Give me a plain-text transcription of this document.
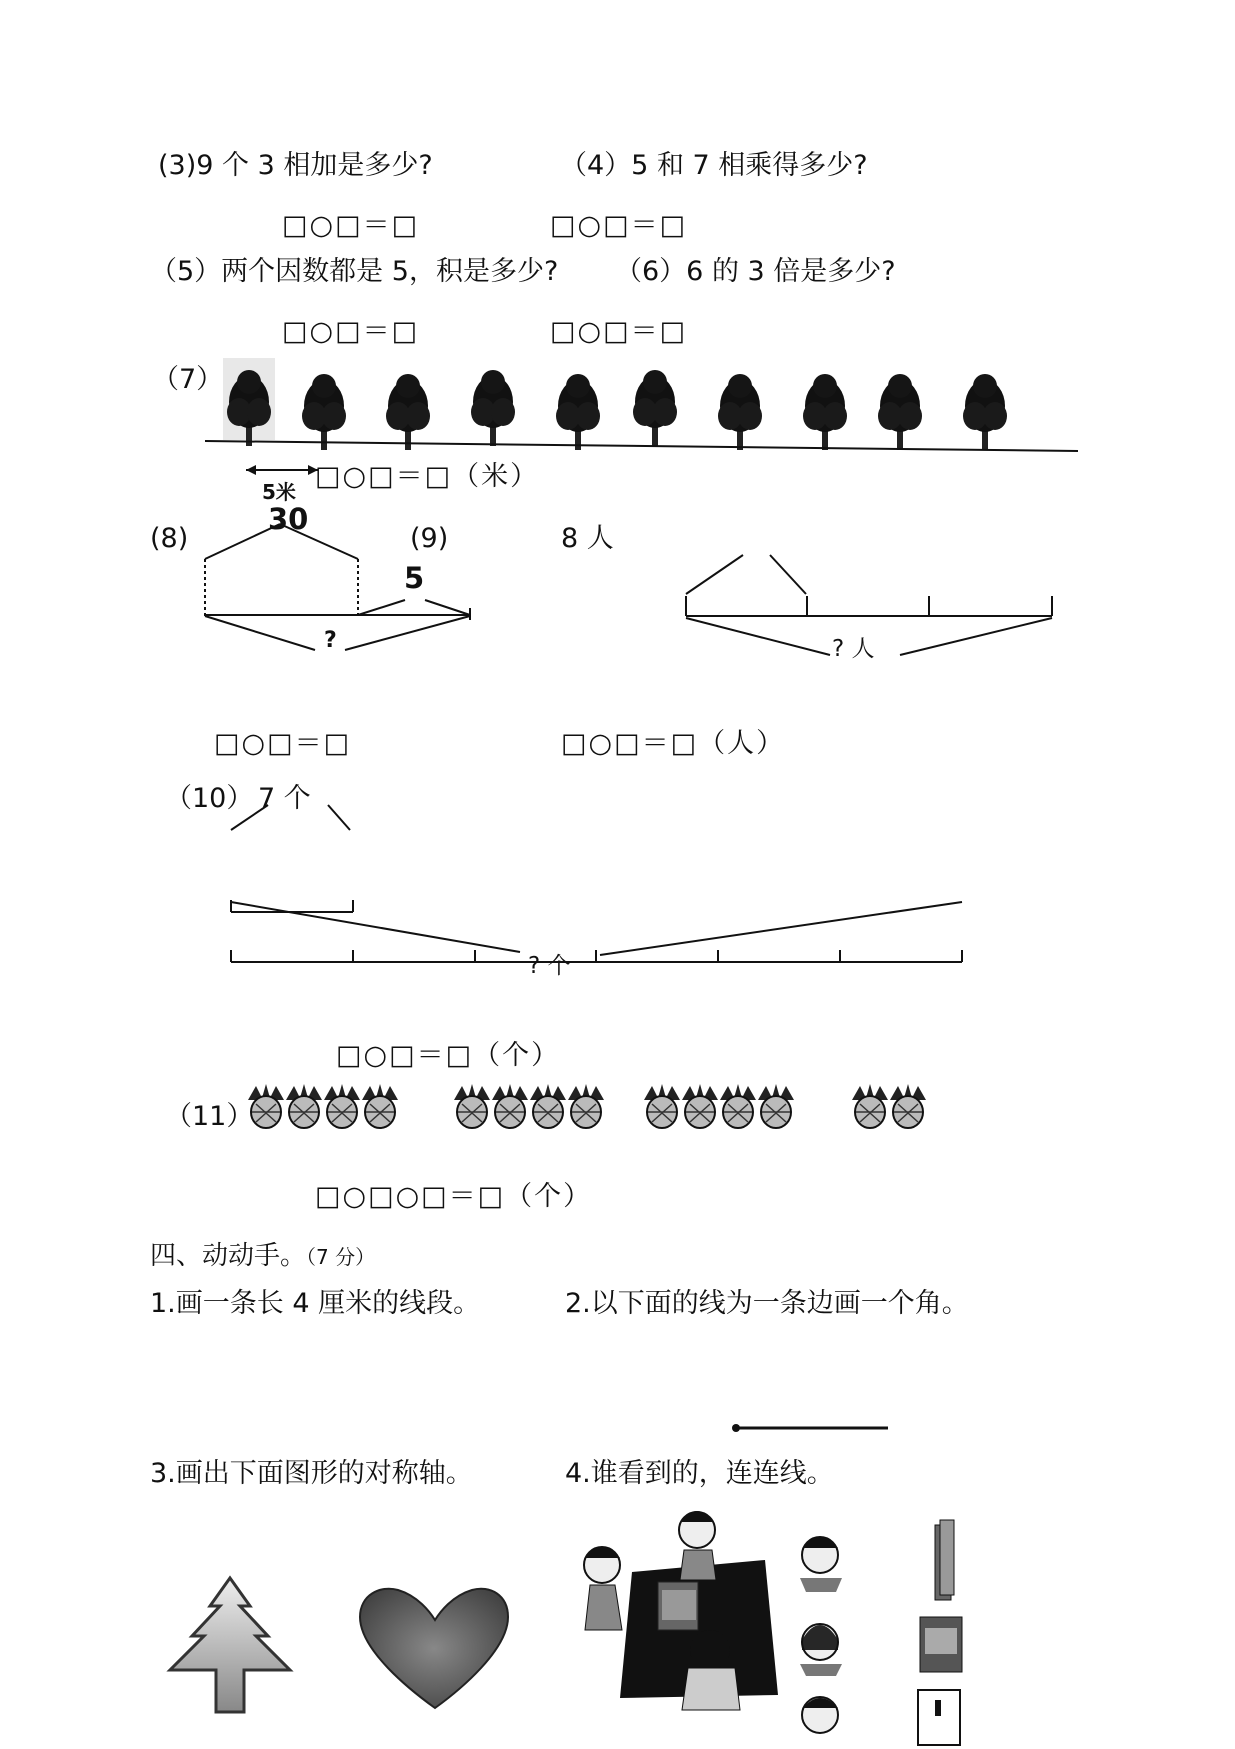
(3)9 个 3 相加是多少?	（4）5 和 7 相乘得多少?
□○□＝□	□○□＝□
（5）两个因数都是 5，积是多少? （6）6 的 3 倍是多少?
□○□＝□	□○□＝□
（7）
5米 □○□＝□（米）
(8)
30
?
(9)
5
8 人
? 人
□○□＝□	□○□＝□（人）
（10） 7 个
? 个
□○□＝□（个）
（11）
□○□○□＝□（个）
四、动动手。（7 分）
1.画一条长 4 厘米的线段。	2.以下面的线为一条边画一个角。
3.画出下面图形的对称轴。	4.谁看到的，连连线。
